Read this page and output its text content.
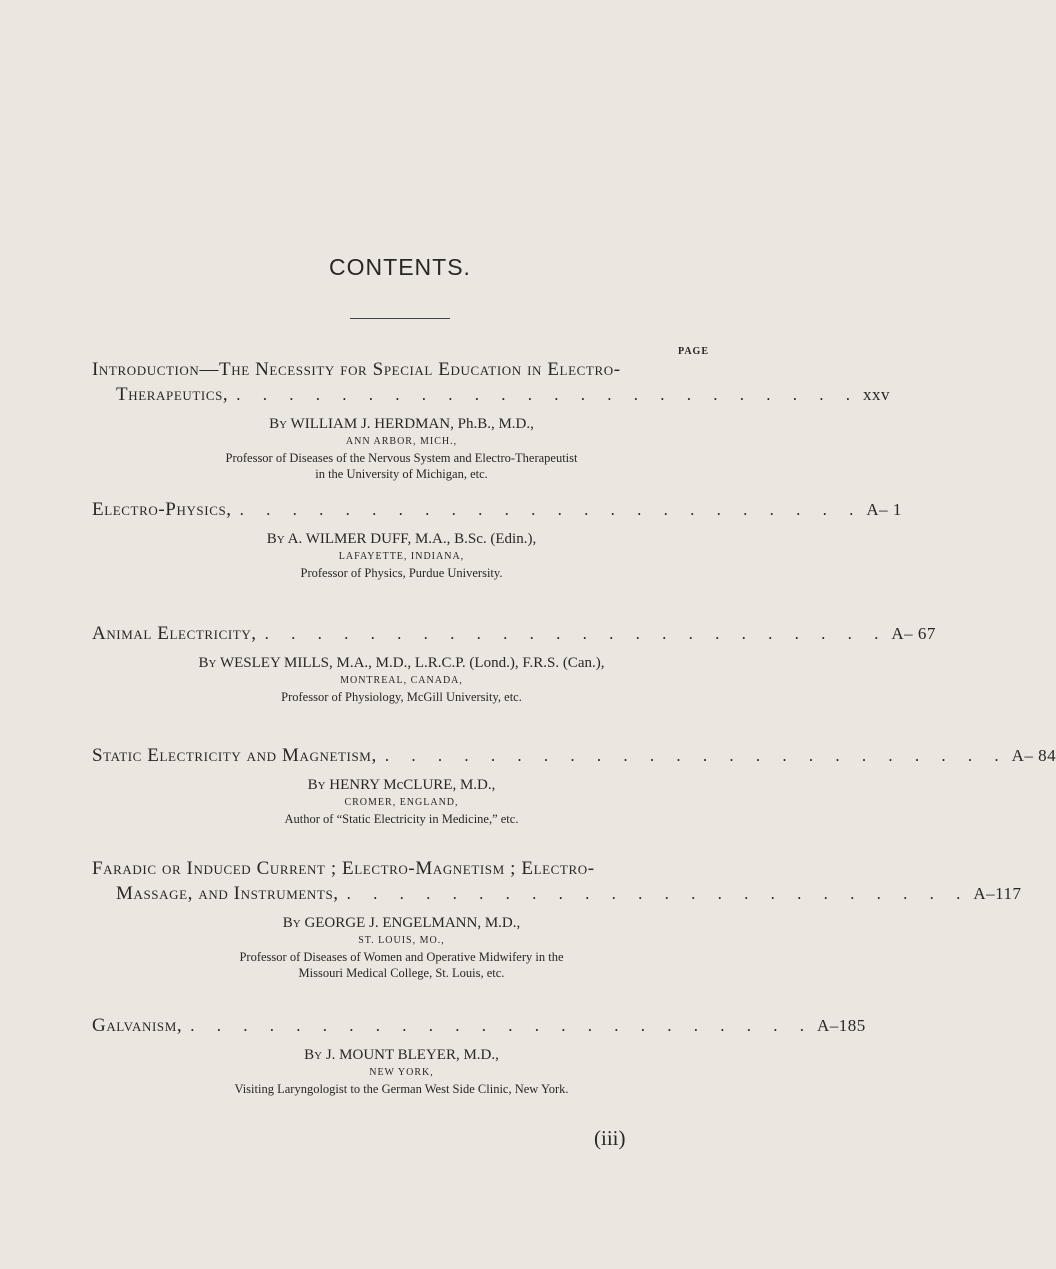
CONTENTS.
PAGE
Introduction—The Necessity for Special Education in Electro-
Therapeutics, . . . . . . . . . . . . . . . . . . . . . . . . xxv
By WILLIAM J. HERDMAN, Ph.B., M.D.,
ANN ARBOR, MICH.,
Professor of Diseases of the Nervous System and Electro-Therapeutist
in the University of Michigan, etc.
Electro-Physics, . . . . . . . . . . . . . . . . . . . . . . . . A– 1
By A. WILMER DUFF, M.A., B.Sc. (Edin.),
LAFAYETTE, INDIANA,
Professor of Physics, Purdue University.
Animal Electricity, . . . . . . . . . . . . . . . . . . . . . . . . A– 67
By WESLEY MILLS, M.A., M.D., L.R.C.P. (Lond.), F.R.S. (Can.),
MONTREAL, CANADA,
Professor of Physiology, McGill University, etc.
Static Electricity and Magnetism, . . . . . . . . . . . . . . . . . . . . . . . . A– 84
By HENRY McCLURE, M.D.,
CROMER, ENGLAND,
Author of “Static Electricity in Medicine,” etc.
Faradic or Induced Current ; Electro-Magnetism ; Electro-
Massage, and Instruments, . . . . . . . . . . . . . . . . . . . . . . . . A–117
By GEORGE J. ENGELMANN, M.D.,
ST. LOUIS, MO.,
Professor of Diseases of Women and Operative Midwifery in the
Missouri Medical College, St. Louis, etc.
Galvanism, . . . . . . . . . . . . . . . . . . . . . . . . A–185
By J. MOUNT BLEYER, M.D.,
NEW YORK,
Visiting Laryngologist to the German West Side Clinic, New York.
(iii)
